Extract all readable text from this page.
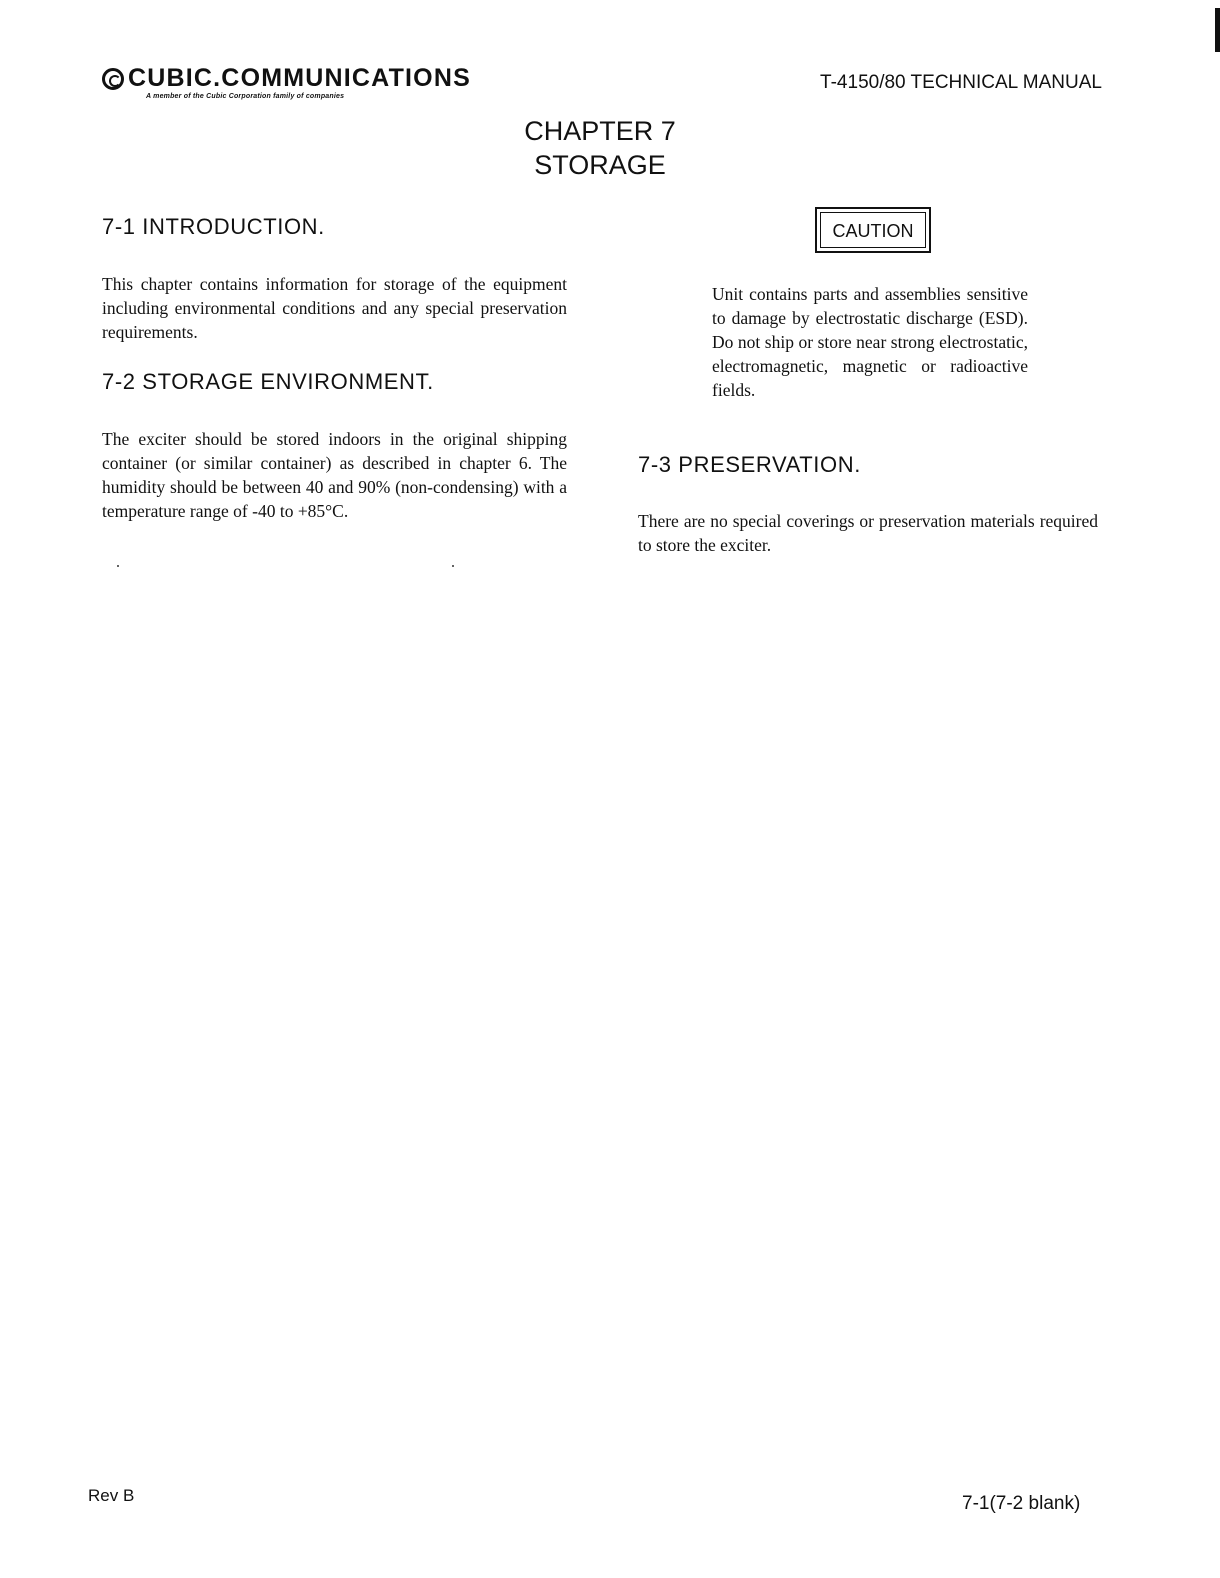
CUBIC.COMMUNICATIONS
A member of the Cubic Corporation family of companies
T-4150/80 TECHNICAL MANUAL
CHAPTER 7
STORAGE
7-1 INTRODUCTION.

This chapter contains information for storage of the equipment including environmental conditions and any special preservation requirements.

7-2 STORAGE ENVIRONMENT.

The exciter should be stored indoors in the original shipping container (or similar container) as described in chapter 6. The humidity should be between 40 and 90% (non-condensing) with a temperature range of -40 to +85°C.

CAUTION

Unit contains parts and assemblies sensitive to damage by electrostatic discharge (ESD). Do not ship or store near strong electrostatic, electromagnetic, magnetic or radioactive fields.

7-3 PRESERVATION.

There are no special coverings or preservation materials required to store the exciter.

Rev B	7-1(7-2 blank)
